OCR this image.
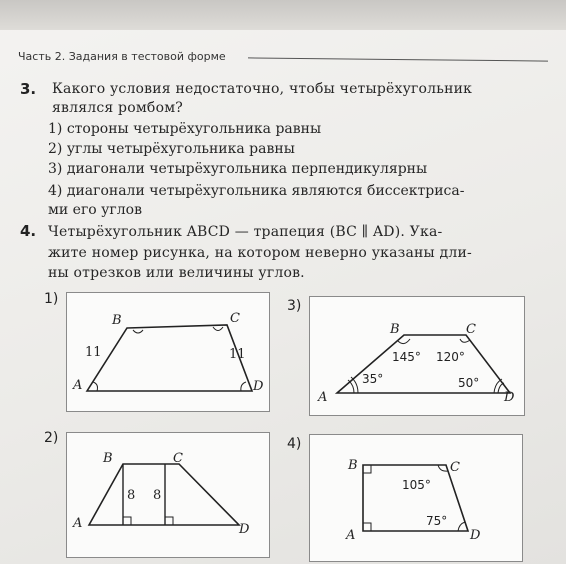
Часть 2. Задания в тестовой форме
3. Какого условия недостаточно, чтобы четырёхугольник
являлся ромбом?
1) стороны четырёхугольника равны
2) углы четырёхугольника равны
3) диагонали четырёхугольника перпендикулярны
4) диагонали четырёхугольника являются биссектриса-
ми его углов
4. Четырёхугольник ABCD — трапеция (BC ∥ AD). Ука-
жите номер рисунка, на котором неверно указаны дли-
ны отрезков или величины углов.
1)
B	C
A	D
11	11
3)
B	C
A	D
145° 120°
35°	50°
2)
B	C
A	D
8 8
4)
B	C
A	D
105°
75°
